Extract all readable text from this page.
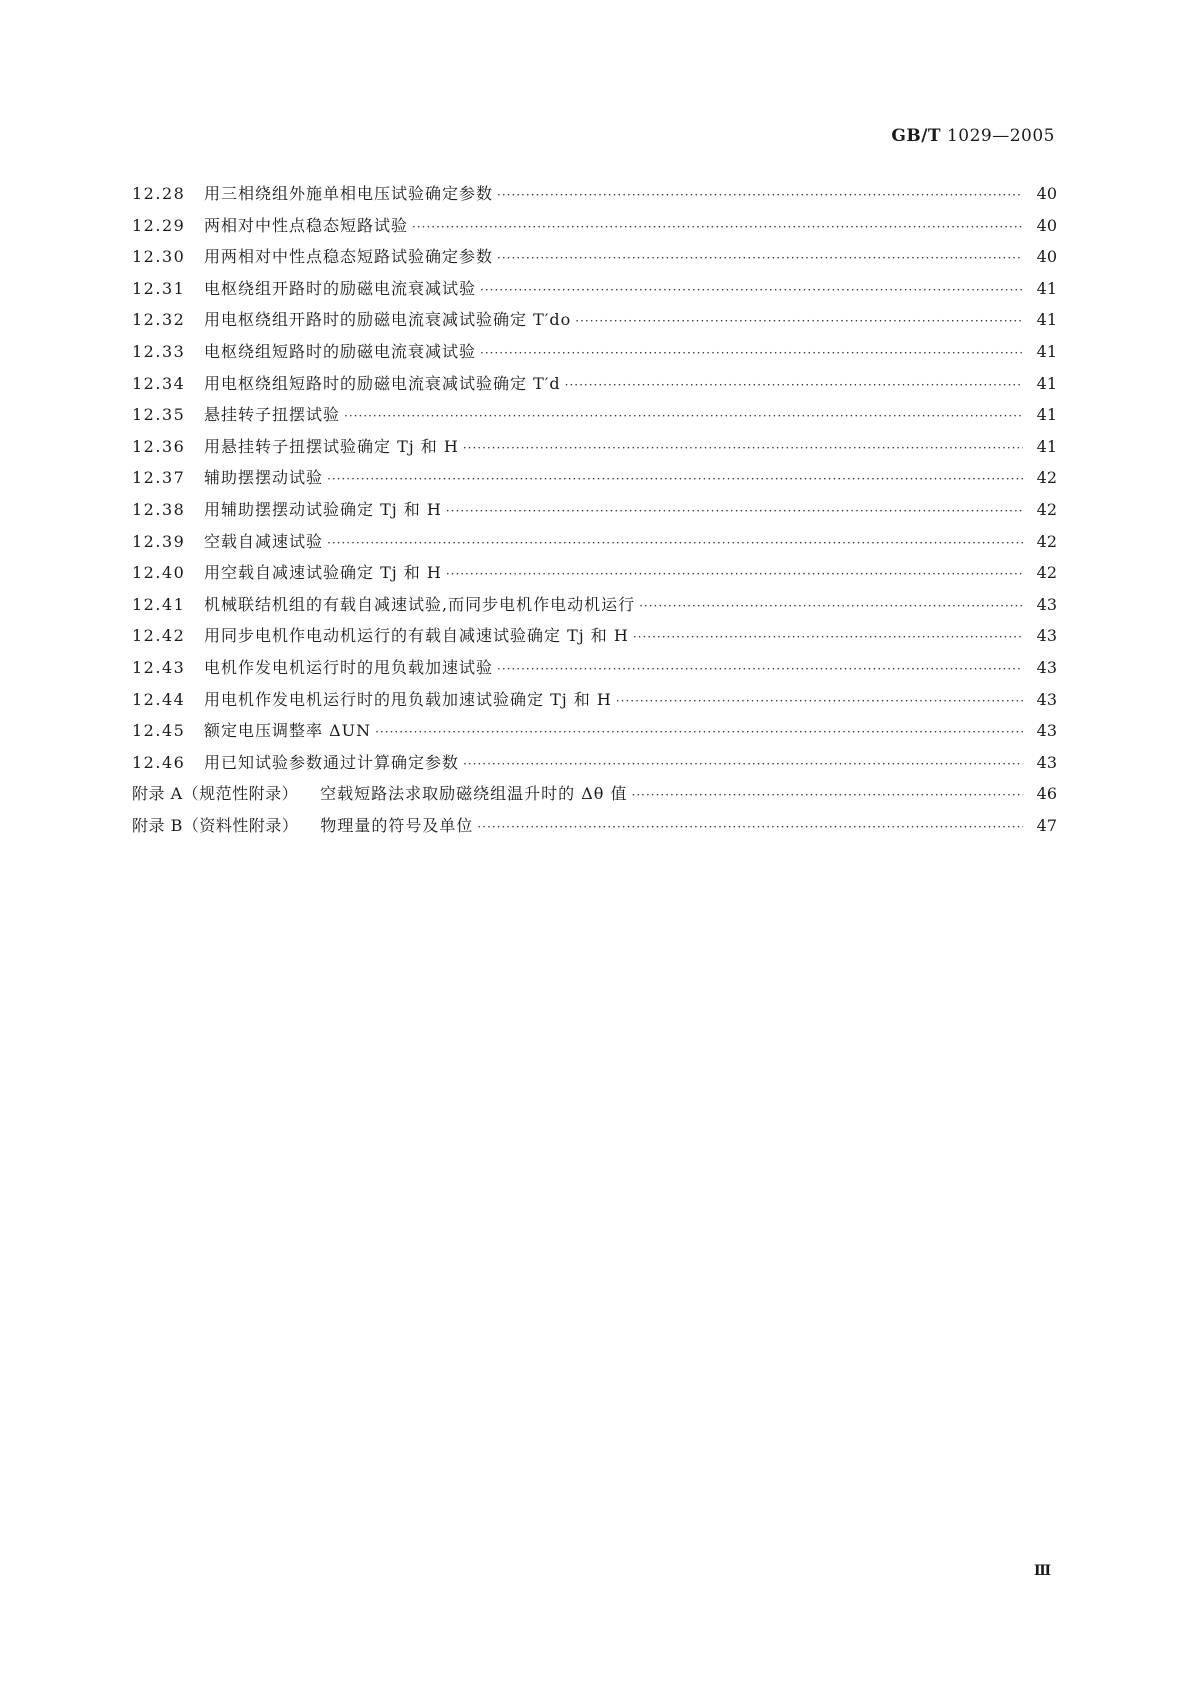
GB/T 1029—2005
12.28	用三相绕组外施单相电压试验确定参数 ·····	40
12.29	两相对中性点稳态短路试验 ·····	40
12.30	用两相对中性点稳态短路试验确定参数 ·····	40
12.31	电枢绕组开路时的励磁电流衰减试验 ·····	41
12.32	用电枢绕组开路时的励磁电流衰减试验确定 T′do ·····	41
12.33	电枢绕组短路时的励磁电流衰减试验 ·····	41
12.34	用电枢绕组短路时的励磁电流衰减试验确定 T′d ·····	41
12.35	悬挂转子扭摆试验 ·····	41
12.36	用悬挂转子扭摆试验确定 Tj 和 H ·····	41
12.37	辅助摆摆动试验 ·····	42
12.38	用辅助摆摆动试验确定 Tj 和 H ·····	42
12.39	空载自减速试验 ·····	42
12.40	用空载自减速试验确定 Tj 和 H ·····	42
12.41	机械联结机组的有载自减速试验,而同步电机作电动机运行 ·····	43
12.42	用同步电机作电动机运行的有载自减速试验确定 Tj 和 H ·····	43
12.43	电机作发电机运行时的甩负载加速试验 ·····	43
12.44	用电机作发电机运行时的甩负载加速试验确定 Tj 和 H ·····	43
12.45	额定电压调整率 ΔUN ·····	43
12.46	用已知试验参数通过计算确定参数 ·····	43
附录 A（规范性附录） 空载短路法求取励磁绕组温升时的 Δθ 值 ·····	46
附录 B（资料性附录） 物理量的符号及单位 ·····	47
Ⅲ
